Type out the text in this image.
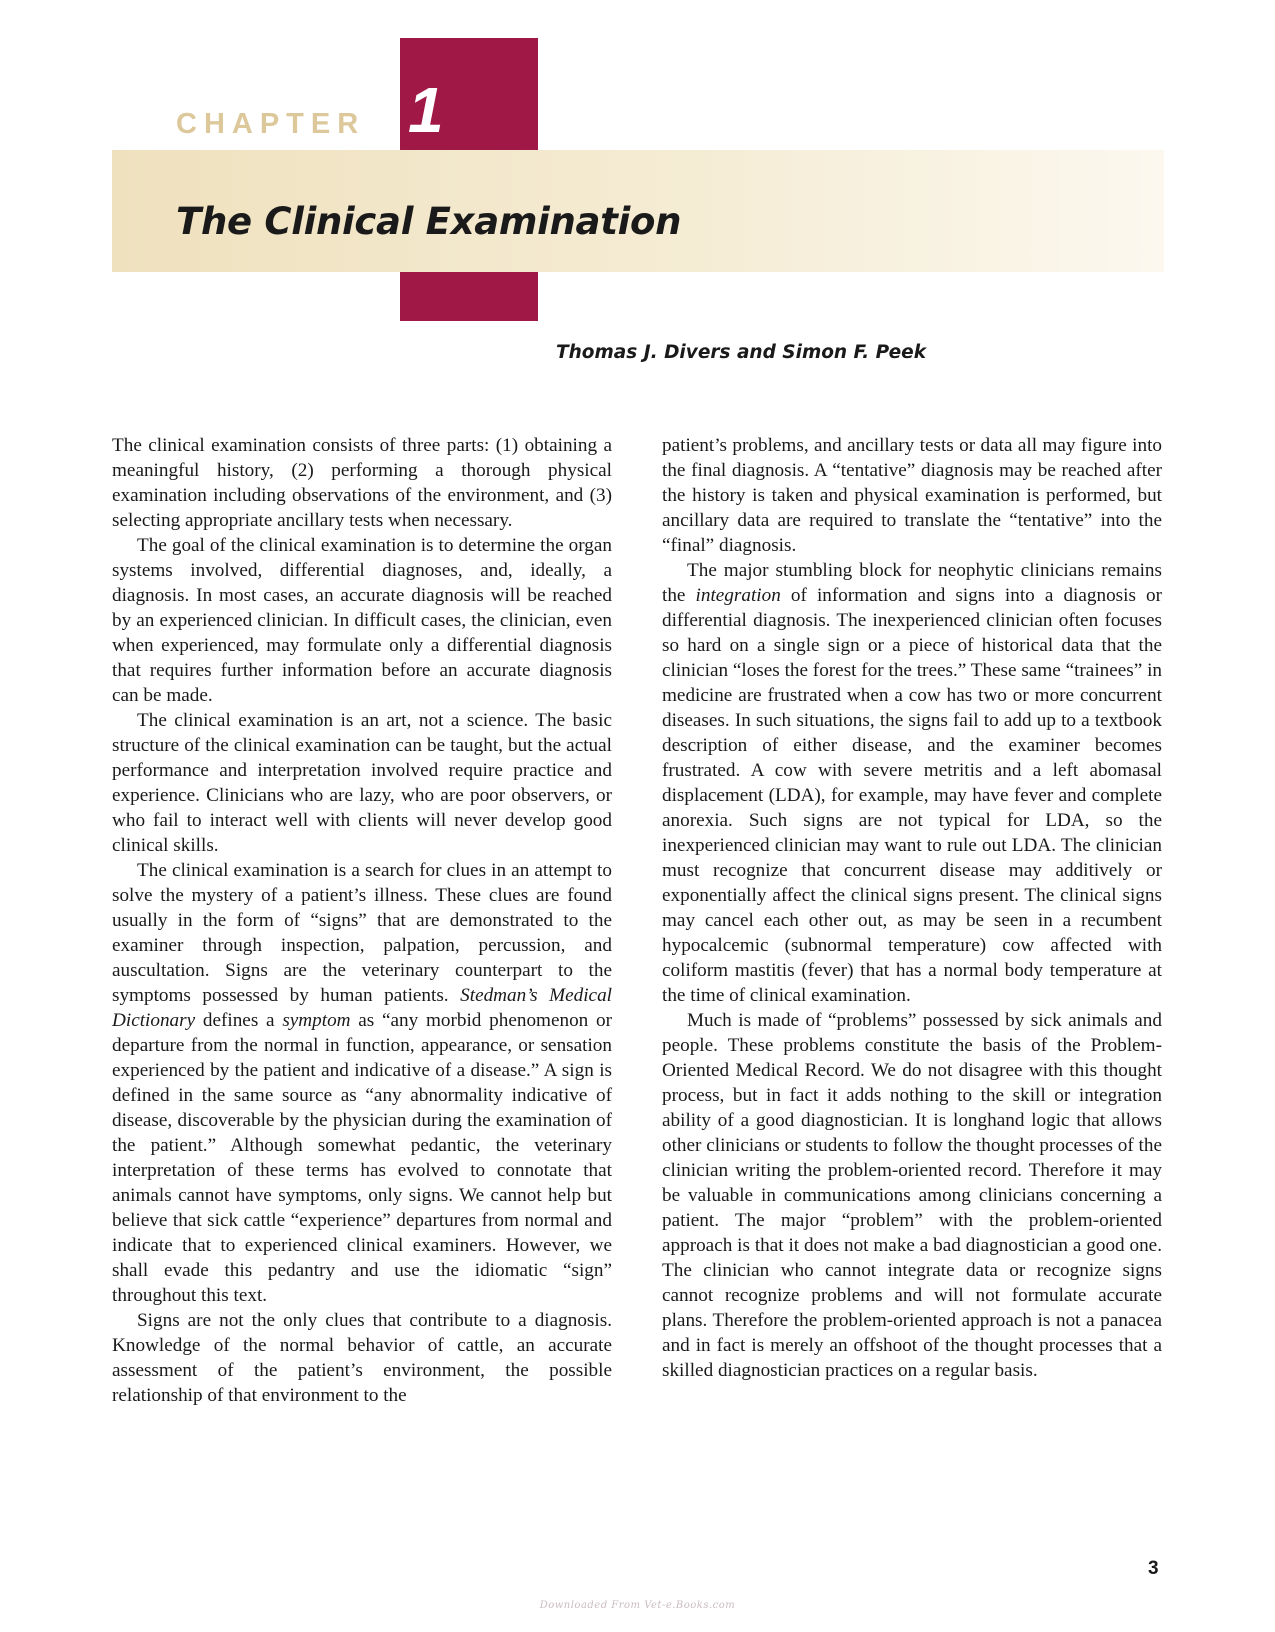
CHAPTER 1
The Clinical Examination
Thomas J. Divers and Simon F. Peek

The clinical examination consists of three parts: (1) obtaining a meaningful history, (2) performing a thorough physical examination including observations of the environment, and (3) selecting appropriate ancillary tests when necessary.

The goal of the clinical examination is to determine the organ systems involved, differential diagnoses, and, ideally, a diagnosis. In most cases, an accurate diagnosis will be reached by an experienced clinician. In difficult cases, the clinician, even when experienced, may formulate only a differential diagnosis that requires further information before an accurate diagnosis can be made.

The clinical examination is an art, not a science. The basic structure of the clinical examination can be taught, but the actual performance and interpretation involved require practice and experience. Clinicians who are lazy, who are poor observers, or who fail to interact well with clients will never develop good clinical skills.

The clinical examination is a search for clues in an attempt to solve the mystery of a patient’s illness. These clues are found usually in the form of “signs” that are demonstrated to the examiner through inspection, palpation, percussion, and auscultation. Signs are the veterinary counterpart to the symptoms possessed by human patients. Stedman’s Medical Dictionary defines a symptom as “any morbid phenomenon or departure from the normal in function, appearance, or sensation experienced by the patient and indicative of a disease.” A sign is defined in the same source as “any abnormality indicative of disease, discoverable by the physician during the examination of the patient.” Although somewhat pedantic, the veterinary interpretation of these terms has evolved to connotate that animals cannot have symptoms, only signs. We cannot help but believe that sick cattle “experience” departures from normal and indicate that to experienced clinical examiners. However, we shall evade this pedantry and use the idiomatic “sign” throughout this text.

Signs are not the only clues that contribute to a diagnosis. Knowledge of the normal behavior of cattle, an accurate assessment of the patient’s environment, the possible relationship of that environment to the

patient’s problems, and ancillary tests or data all may figure into the final diagnosis. A “tentative” diagnosis may be reached after the history is taken and physical examination is performed, but ancillary data are required to translate the “tentative” into the “final” diagnosis.

The major stumbling block for neophytic clinicians remains the integration of information and signs into a diagnosis or differential diagnosis. The inexperienced clinician often focuses so hard on a single sign or a piece of historical data that the clinician “loses the forest for the trees.” These same “trainees” in medicine are frustrated when a cow has two or more concurrent diseases. In such situations, the signs fail to add up to a textbook description of either disease, and the examiner becomes frustrated. A cow with severe metritis and a left abomasal displacement (LDA), for example, may have fever and complete anorexia. Such signs are not typical for LDA, so the inexperienced clinician may want to rule out LDA. The clinician must recognize that concurrent disease may additively or exponentially affect the clinical signs present. The clinical signs may cancel each other out, as may be seen in a recumbent hypocalcemic (subnormal temperature) cow affected with coliform mastitis (fever) that has a normal body temperature at the time of clinical examination.

Much is made of “problems” possessed by sick animals and people. These problems constitute the basis of the Problem-Oriented Medical Record. We do not disagree with this thought process, but in fact it adds nothing to the skill or integration ability of a good diagnostician. It is longhand logic that allows other clinicians or students to follow the thought processes of the clinician writing the problem-oriented record. Therefore it may be valuable in communications among clinicians concerning a patient. The major “problem” with the problem-oriented approach is that it does not make a bad diagnostician a good one. The clinician who cannot integrate data or recognize signs cannot recognize problems and will not formulate accurate plans. Therefore the problem-oriented approach is not a panacea and in fact is merely an offshoot of the thought processes that a skilled diagnostician practices on a regular basis.

3
Downloaded From Vet-e.Books.com
